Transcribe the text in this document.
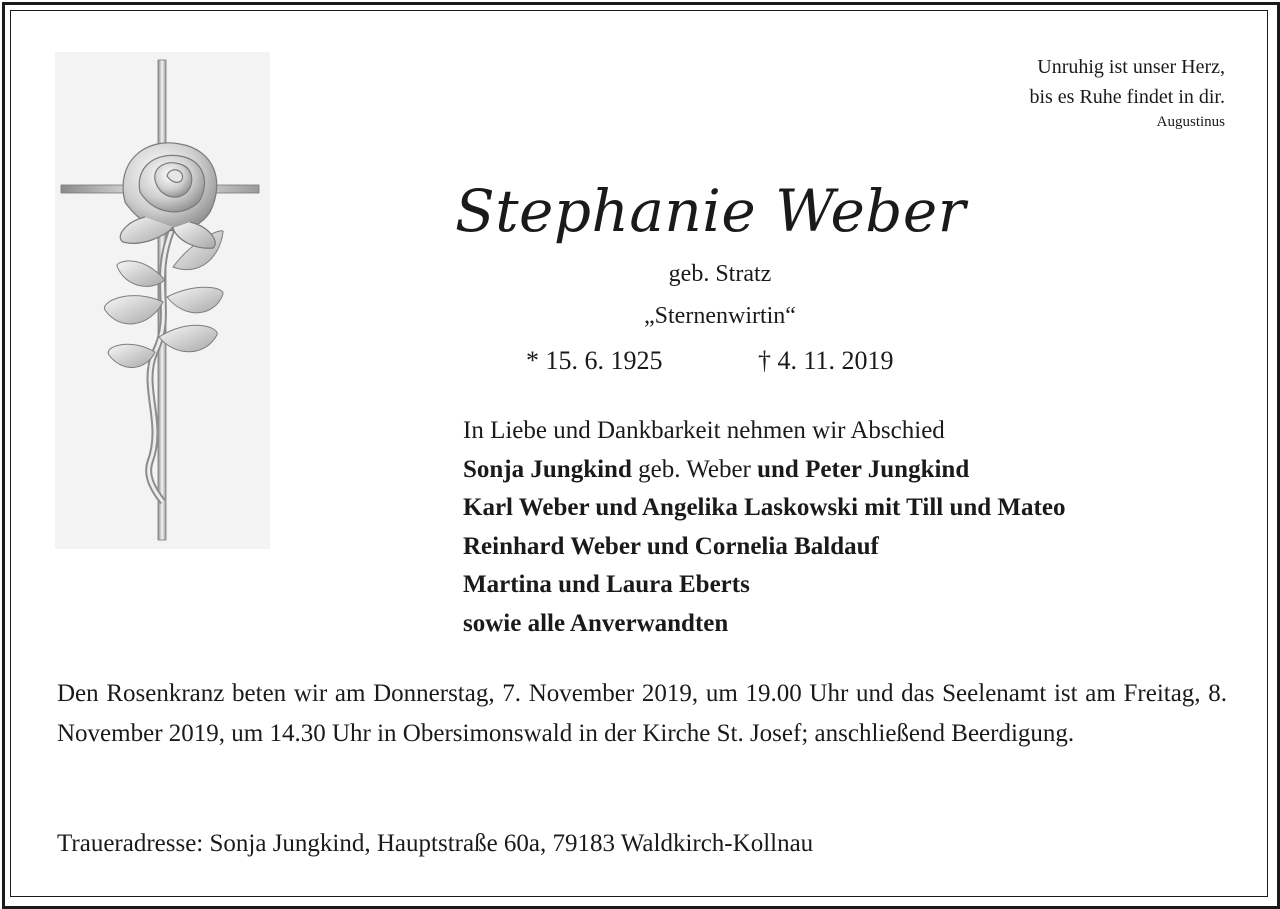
Unruhig ist unser Herz,
bis es Ruhe findet in dir.
Augustinus
Stephanie Weber
geb. Stratz
„Sternenwirtin“
* 15. 6. 1925	† 4. 11. 2019
In Liebe und Dankbarkeit nehmen wir Abschied
Sonja Jungkind geb. Weber und Peter Jungkind
Karl Weber und Angelika Laskowski mit Till und Mateo
Reinhard Weber und Cornelia Baldauf
Martina und Laura Eberts
sowie alle Anverwandten
Den Rosenkranz beten wir am Donnerstag, 7. November 2019, um 19.00 Uhr und das Seelenamt ist am Freitag, 8. November 2019, um 14.30 Uhr in Obersimonswald in der Kirche St. Josef; anschließend Beerdigung.
Traueradresse: Sonja Jungkind, Hauptstraße 60a, 79183 Waldkirch-Kollnau
